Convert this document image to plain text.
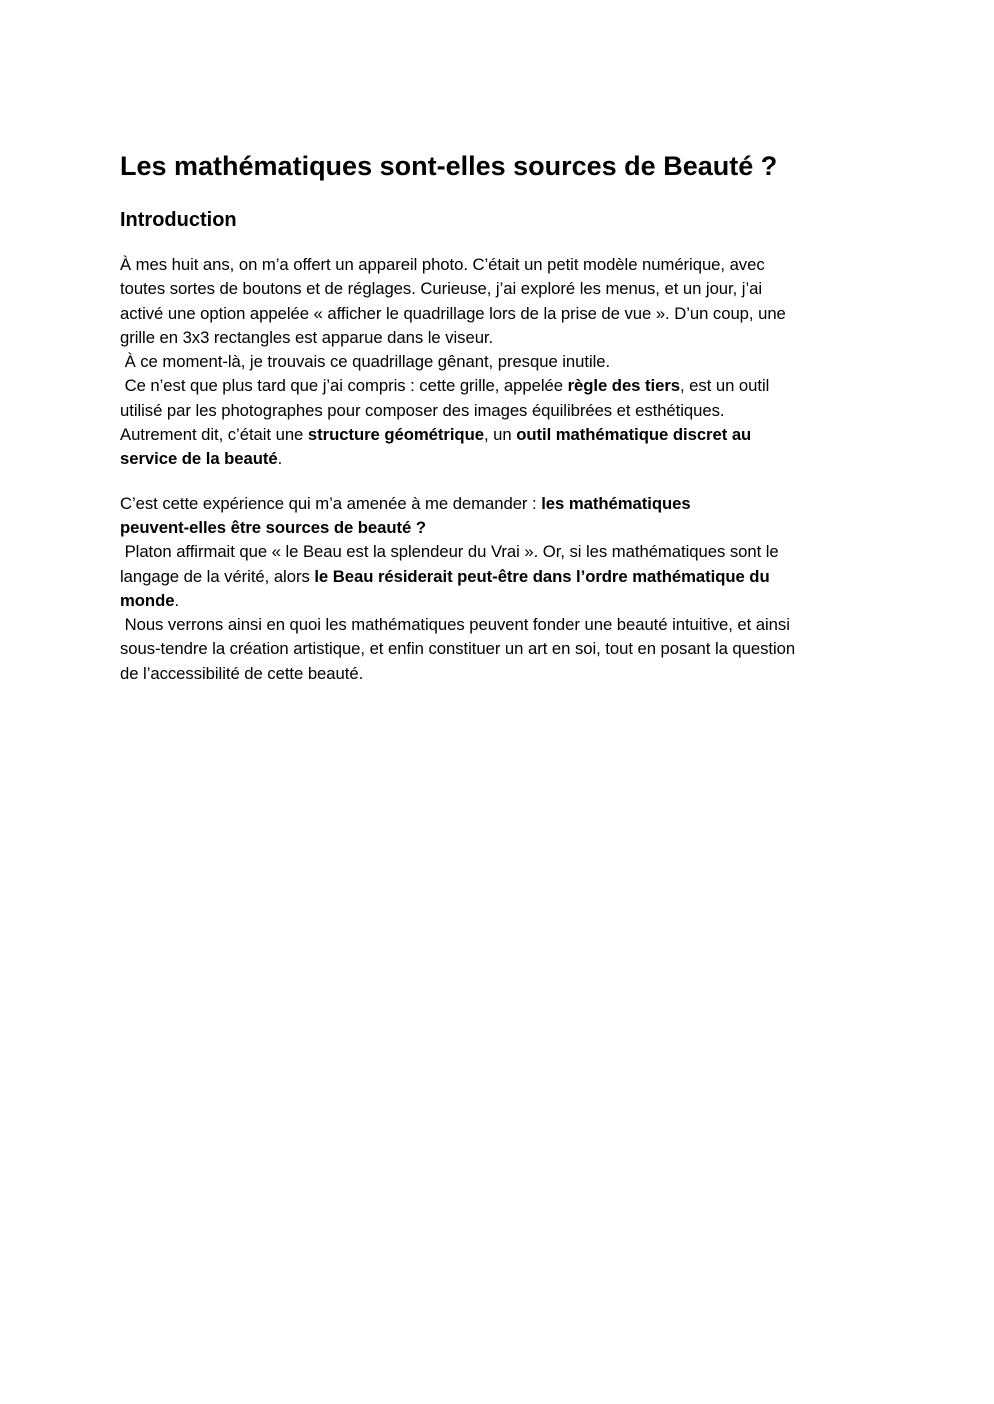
Les mathématiques sont-elles sources de Beauté ?
Introduction

À mes huit ans, on m’a offert un appareil photo. C’était un petit modèle numérique, avec
toutes sortes de boutons et de réglages. Curieuse, j’ai exploré les menus, et un jour, j’ai
activé une option appelée « afficher le quadrillage lors de la prise de vue ». D’un coup, une
grille en 3x3 rectangles est apparue dans le viseur.
À ce moment-là, je trouvais ce quadrillage gênant, presque inutile.
Ce n’est que plus tard que j’ai compris : cette grille, appelée règle des tiers, est un outil
utilisé par les photographes pour composer des images équilibrées et esthétiques.
Autrement dit, c’était une structure géométrique, un outil mathématique discret au
service de la beauté.

C’est cette expérience qui m’a amenée à me demander : les mathématiques
peuvent-elles être sources de beauté ?
Platon affirmait que « le Beau est la splendeur du Vrai ». Or, si les mathématiques sont le
langage de la vérité, alors le Beau résiderait peut-être dans l’ordre mathématique du
monde.
Nous verrons ainsi en quoi les mathématiques peuvent fonder une beauté intuitive, et ainsi
sous-tendre la création artistique, et enfin constituer un art en soi, tout en posant la question
de l’accessibilité de cette beauté.
